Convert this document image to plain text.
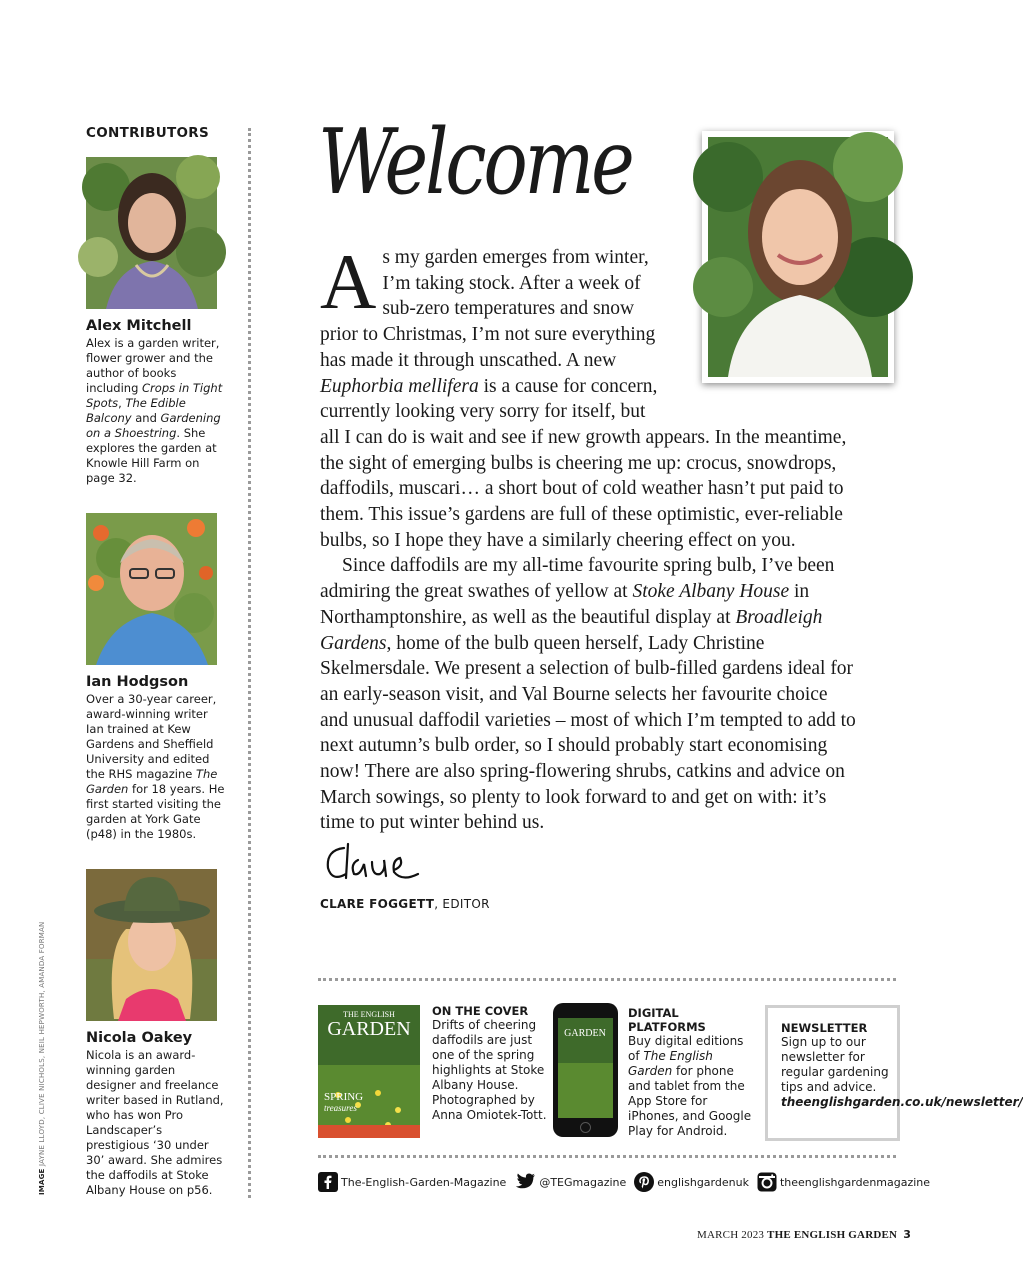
CONTRIBUTORS
Alex Mitchell
Alex is a garden writer, flower grower and the author of books including Crops in Tight Spots, The Edible Balcony and Gardening on a Shoestring. She explores the garden at Knowle Hill Farm on page 32.
Ian Hodgson
Over a 30-year career, award-winning writer Ian trained at Kew Gardens and Sheffield University and edited the RHS magazine The Garden for 18 years. He first started visiting the garden at York Gate (p48) in the 1980s.
Nicola Oakey
Nicola is an award-winning garden designer and freelance writer based in Rutland, who has won Pro Landscaper’s prestigious ‘30 under 30’ award. She admires the daffodils at Stoke Albany House on p56.
IMAGE JAYNE LLOYD, CLIVE NICHOLS, NEIL HEPWORTH, AMANDA FORMAN
Welcome

As my garden emerges from winter, I’m taking stock. After a week of sub-zero temperatures and snow prior to Christmas, I’m not sure everything has made it through unscathed. A new Euphorbia mellifera is a cause for concern, currently looking very sorry for itself, but all I can do is wait and see if new growth appears. In the meantime, the sight of emerging bulbs is cheering me up: crocus, snowdrops, daffodils, muscari… a short bout of cold weather hasn’t put paid to them. This issue’s gardens are full of these optimistic, ever-reliable bulbs, so I hope they have a similarly cheering effect on you.

Since daffodils are my all-time favourite spring bulb, I’ve been admiring the great swathes of yellow at Stoke Albany House in Northamptonshire, as well as the beautiful display at Broadleigh Gardens, home of the bulb queen herself, Lady Christine Skelmersdale. We present a selection of bulb-filled gardens ideal for an early-season visit, and Val Bourne selects her favourite choice and unusual daffodil varieties – most of which I’m tempted to add to next autumn’s bulb order, so I should probably start economising now! There are also spring-flowering shrubs, catkins and advice on March sowings, so plenty to look forward to and get on with: it’s time to put winter behind us.

CLARE FOGGETT, EDITOR
THE ENGLISH
GARDEN
SPRING
treasures
ON THE COVER
Drifts of cheering daffodils are just one of the spring highlights at Stoke Albany House. Photographed by Anna Omiotek-Tott.
GARDEN
DIGITAL PLATFORMS
Buy digital editions of The English Garden for phone and tablet from the App Store for iPhones, and Google Play for Android.
NEWSLETTER
Sign up to our newsletter for regular gardening tips and advice. theenglishgarden.co.uk/newsletter/
The-English-Garden-Magazine	@TEGmagazine	englishgardenuk	theenglishgardenmagazine
MARCH 2023 THE ENGLISH GARDEN 3
